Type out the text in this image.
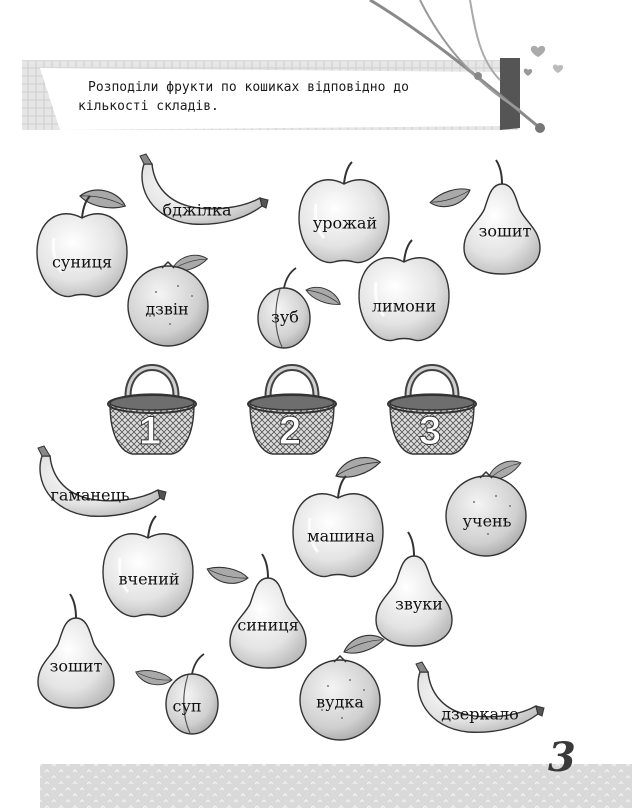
1	2	3
Розподіли фрукти по кошиках відповідно до
кількості складів.
суниця
бджілка
урожай	зошит
дзвін	зуб
лимони
гаманець
машина
учень
вчений
синиця
звуки
зошит
суп	вудка
дзеркало
3
